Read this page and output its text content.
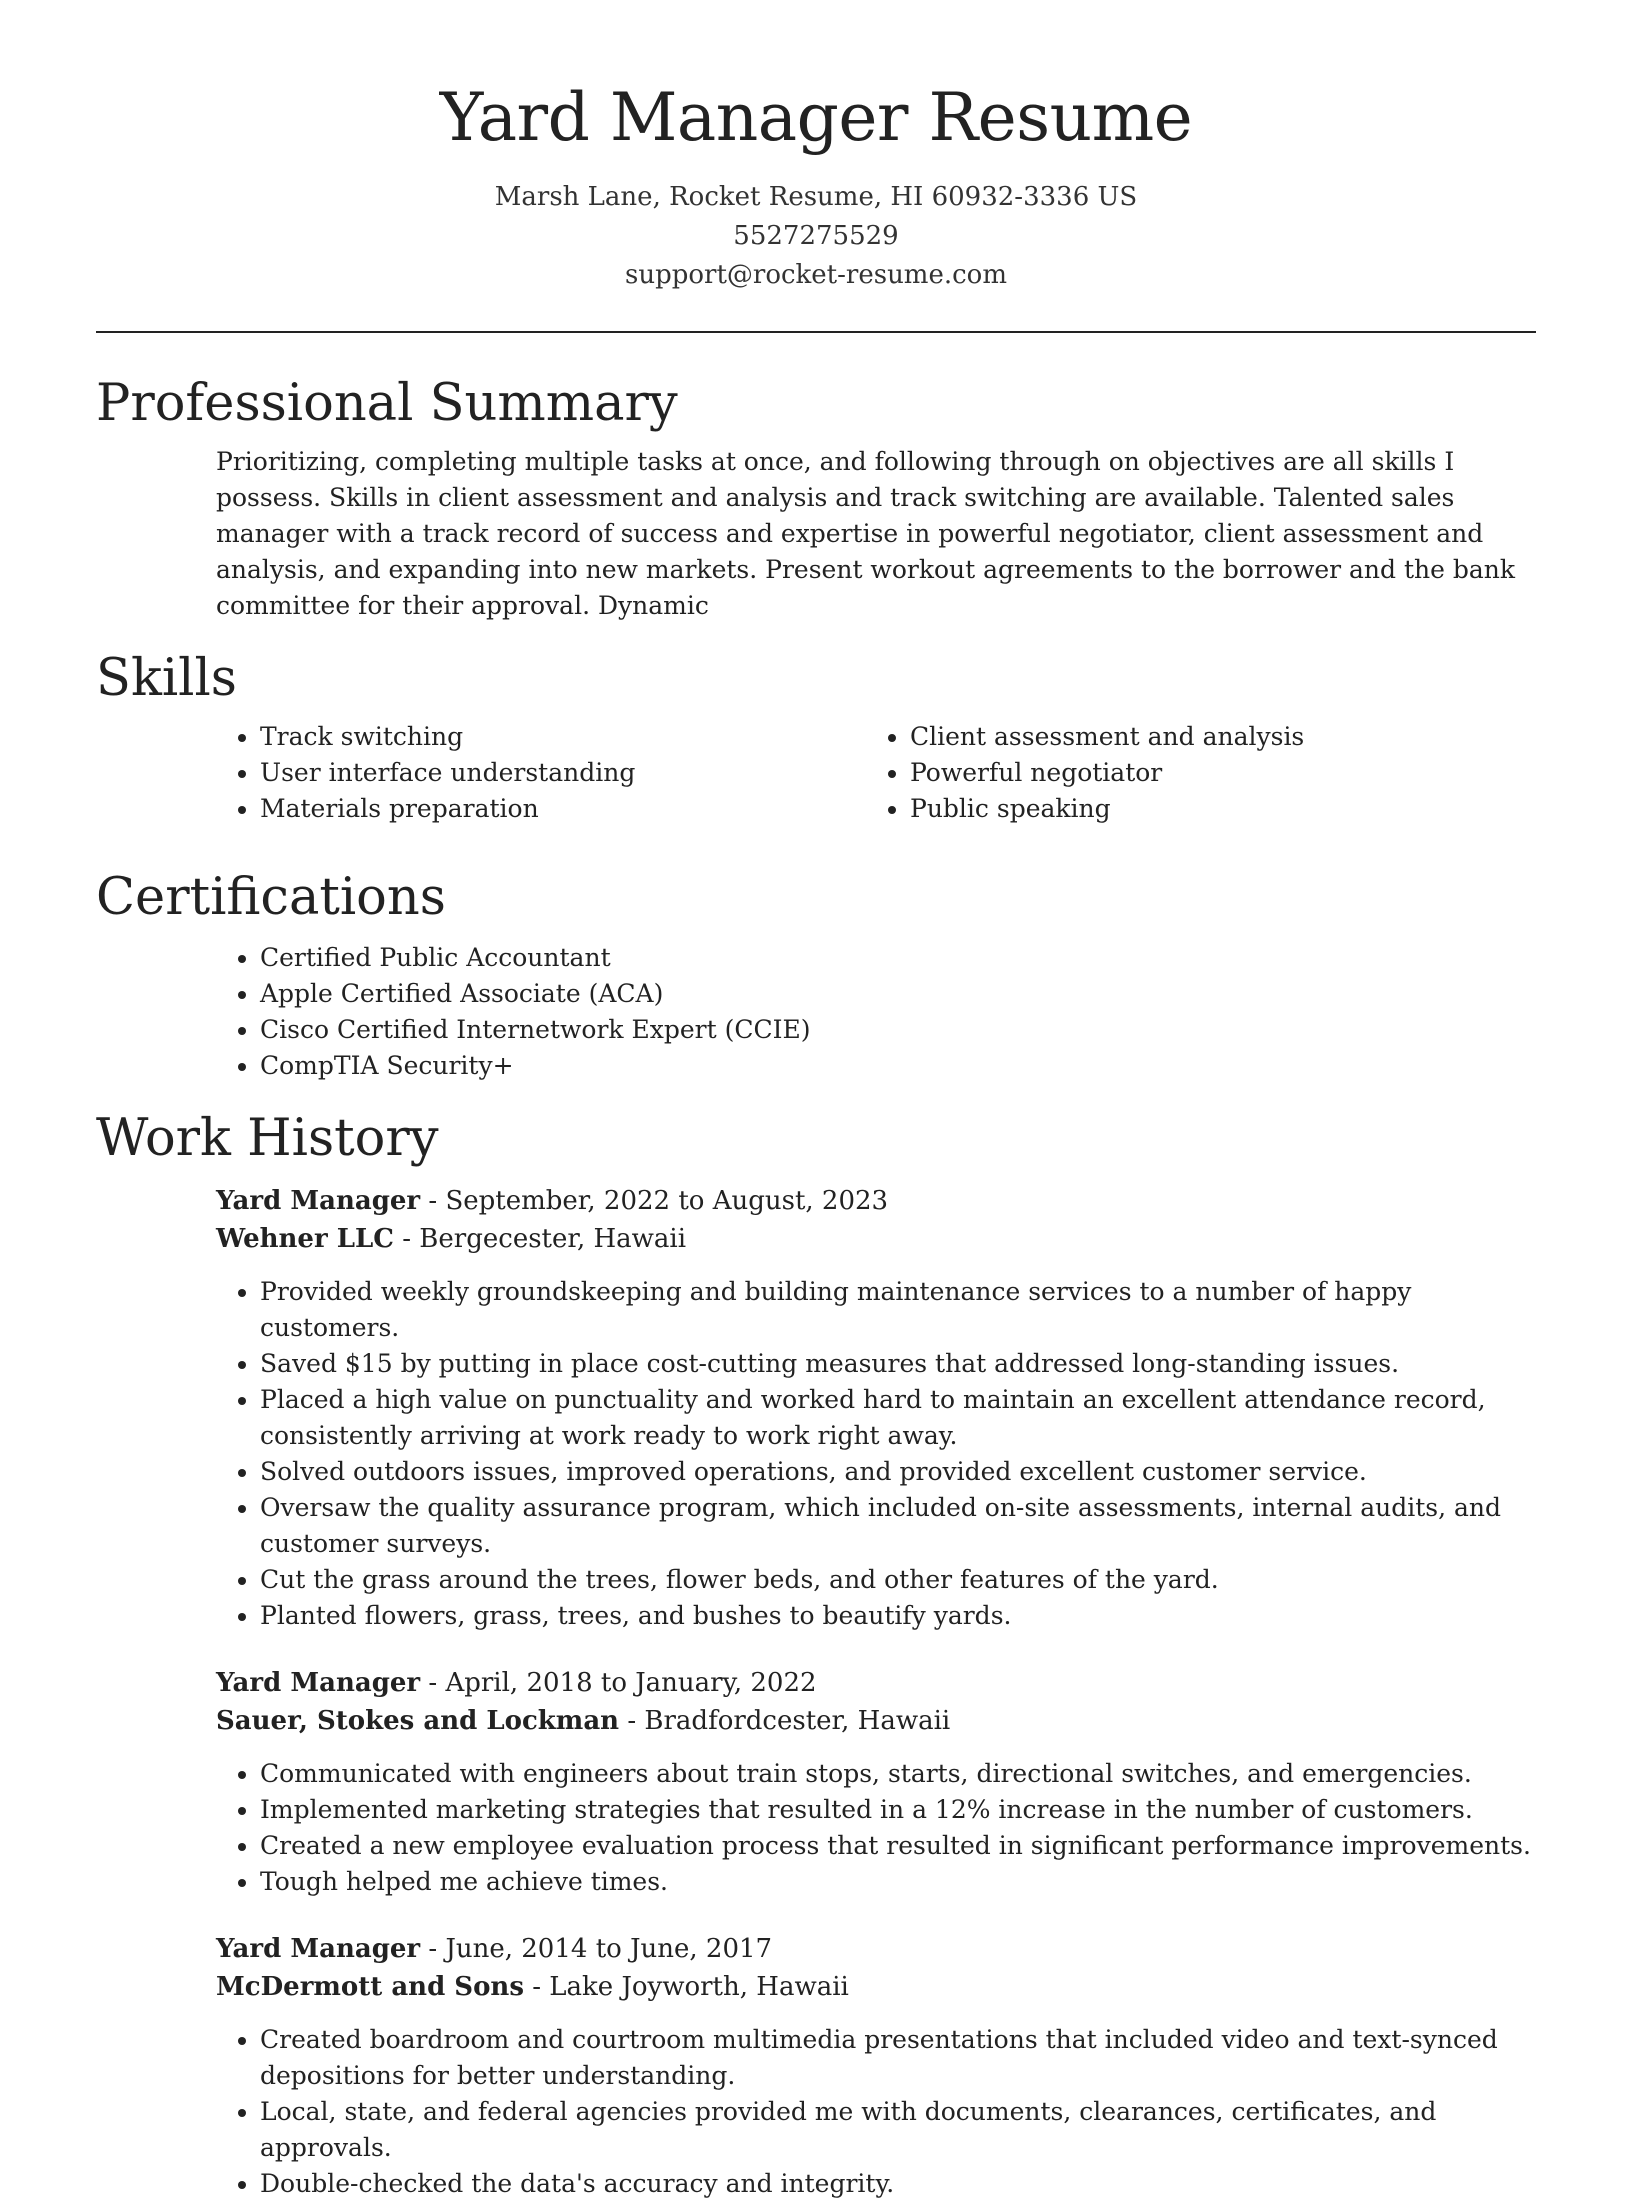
Yard Manager Resume
Marsh Lane, Rocket Resume, HI 60932-3336 US
5527275529
support@rocket-resume.com
Professional Summary

Prioritizing, completing multiple tasks at once, and following through on objectives are all skills I possess. Skills in client assessment and analysis and track switching are available. Talented sales manager with a track record of success and expertise in powerful negotiator, client assessment and analysis, and expanding into new markets. Present workout agreements to the borrower and the bank committee for their approval. Dynamic

Skills
• Track switching
• User interface understanding
• Materials preparation
• Client assessment and analysis
• Powerful negotiator
• Public speaking
Certifications
• Certified Public Accountant
• Apple Certified Associate (ACA)
• Cisco Certified Internetwork Expert (CCIE)
• CompTIA Security+
Work History
Yard Manager - September, 2022 to August, 2023
Wehner LLC - Bergecester, Hawaii
• Provided weekly groundskeeping and building maintenance services to a number of happy customers.
• Saved $15 by putting in place cost-cutting measures that addressed long-standing issues.
• Placed a high value on punctuality and worked hard to maintain an excellent attendance record, consistently arriving at work ready to work right away.
• Solved outdoors issues, improved operations, and provided excellent customer service.
• Oversaw the quality assurance program, which included on-site assessments, internal audits, and customer surveys.
• Cut the grass around the trees, flower beds, and other features of the yard.
• Planted flowers, grass, trees, and bushes to beautify yards.
Yard Manager - April, 2018 to January, 2022
Sauer, Stokes and Lockman - Bradfordcester, Hawaii
• Communicated with engineers about train stops, starts, directional switches, and emergencies.
• Implemented marketing strategies that resulted in a 12% increase in the number of customers.
• Created a new employee evaluation process that resulted in significant performance improvements.
• Tough helped me achieve times.
Yard Manager - June, 2014 to June, 2017
McDermott and Sons - Lake Joyworth, Hawaii
• Created boardroom and courtroom multimedia presentations that included video and text-synced depositions for better understanding.
• Local, state, and federal agencies provided me with documents, clearances, certificates, and approvals.
• Double-checked the data's accuracy and integrity.
